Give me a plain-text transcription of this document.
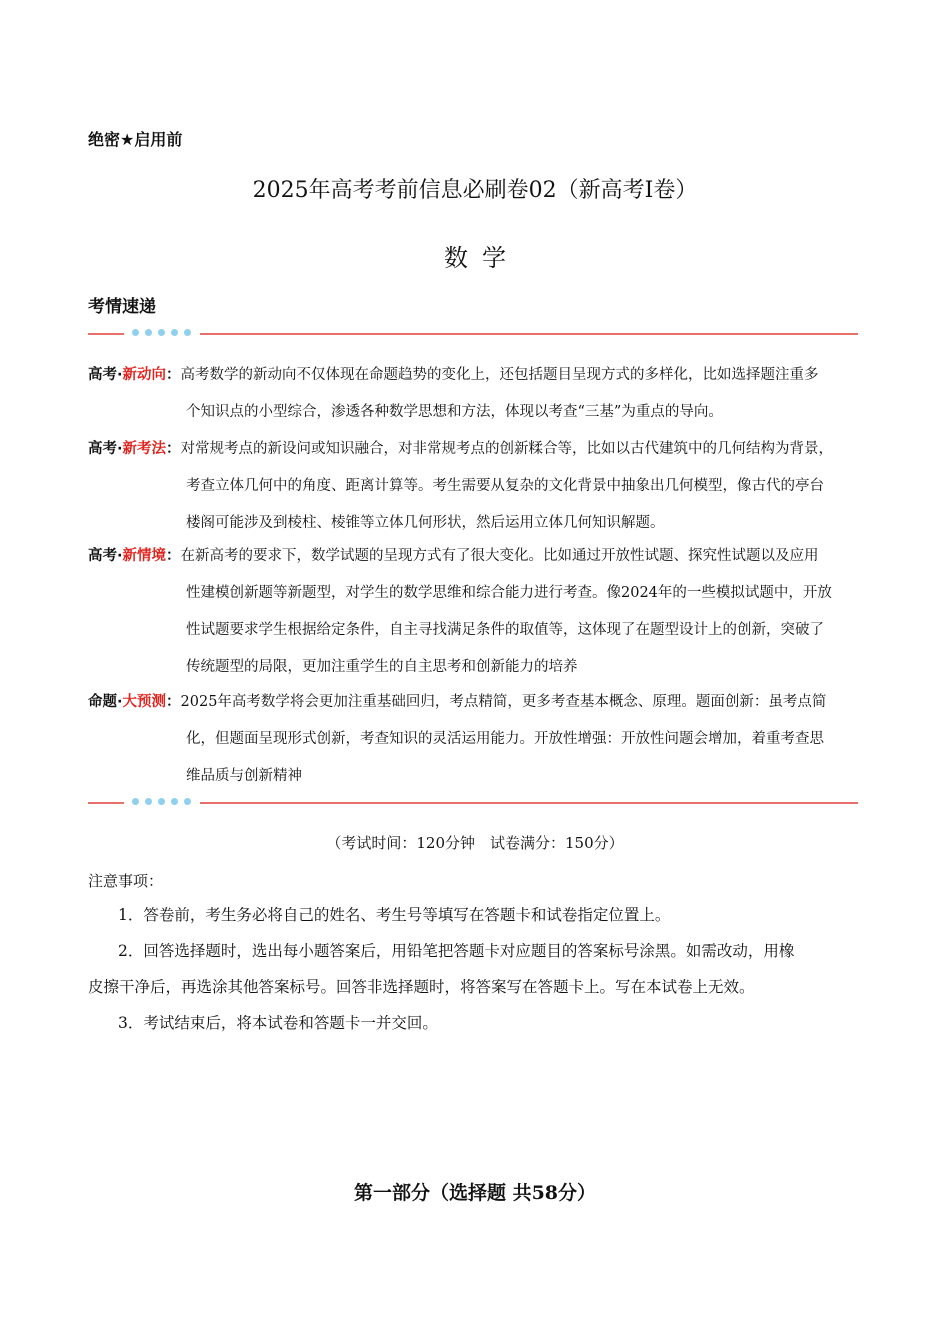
绝密★启用前
2025年高考考前信息必刷卷02（新高考Ⅰ卷）
数学
考情速递
高考·新动向：高考数学的新动向不仅体现在命题趋势的变化上，还包括题目呈现方式的多样化，比如选择题注重多
个知识点的小型综合，渗透各种数学思想和方法，体现以考查“三基”为重点的导向。
高考·新考法：对常规考点的新设问或知识融合，对非常规考点的创新糅合等，比如以古代建筑中的几何结构为背景，
考查立体几何中的角度、距离计算等。考生需要从复杂的文化背景中抽象出几何模型，像古代的亭台
楼阁可能涉及到棱柱、棱锥等立体几何形状，然后运用立体几何知识解题。
高考·新情境：在新高考的要求下，数学试题的呈现方式有了很大变化。比如通过开放性试题、探究性试题以及应用
性建模创新题等新题型，对学生的数学思维和综合能力进行考查。像2024年的一些模拟试题中，开放
性试题要求学生根据给定条件，自主寻找满足条件的取值等，这体现了在题型设计上的创新，突破了
传统题型的局限，更加注重学生的自主思考和创新能力的培养
命题·大预测：2025年高考数学将会更加注重基础回归，考点精简，更多考查基本概念、原理。题面创新：虽考点简
化，但题面呈现形式创新，考查知识的灵活运用能力。开放性增强：开放性问题会增加，着重考查思
维品质与创新精神
（考试时间：120分钟　试卷满分：150分）
注意事项：
1．答卷前，考生务必将自己的姓名、考生号等填写在答题卡和试卷指定位置上。
2．回答选择题时，选出每小题答案后，用铅笔把答题卡对应题目的答案标号涂黑。如需改动，用橡
皮擦干净后，再选涂其他答案标号。回答非选择题时，将答案写在答题卡上。写在本试卷上无效。
3．考试结束后，将本试卷和答题卡一并交回。
第一部分（选择题 共58分）
